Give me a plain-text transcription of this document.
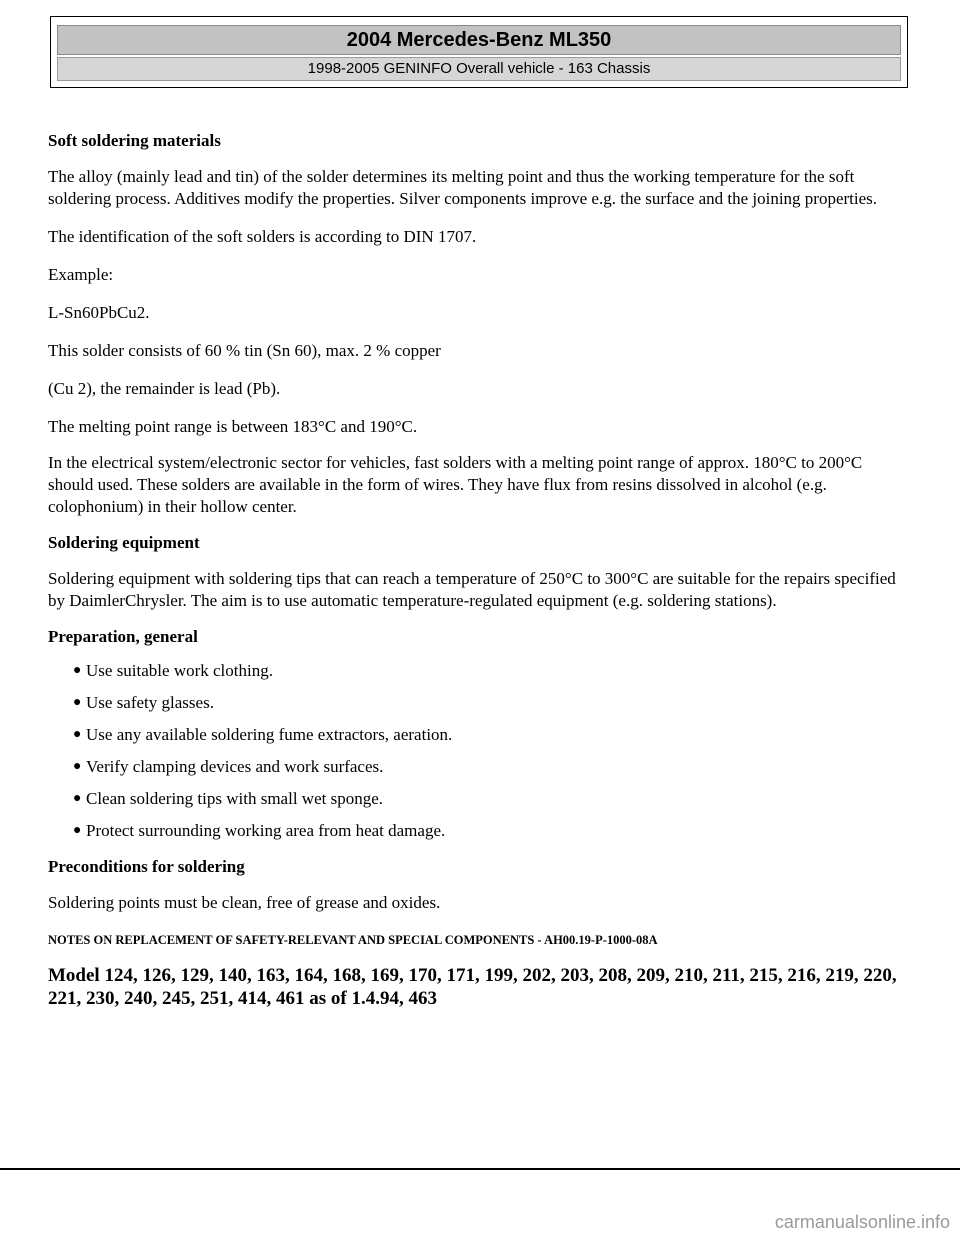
2004 Mercedes-Benz ML350
1998-2005 GENINFO Overall vehicle - 163 Chassis

Soft soldering materials

The alloy (mainly lead and tin) of the solder determines its melting point and thus the working temperature for the soft soldering process. Additives modify the properties. Silver components improve e.g. the surface and the joining properties.

The identification of the soft solders is according to DIN 1707.

Example:

L-Sn60PbCu2.

This solder consists of 60 % tin (Sn 60), max. 2 % copper

(Cu 2), the remainder is lead (Pb).

The melting point range is between 183°C and 190°C.

In the electrical system/electronic sector for vehicles, fast solders with a melting point range of approx. 180°C to 200°C should used. These solders are available in the form of wires. They have flux from resins dissolved in alcohol (e.g. colophonium) in their hollow center.

Soldering equipment

Soldering equipment with soldering tips that can reach a temperature of 250°C to 300°C are suitable for the repairs specified by DaimlerChrysler. The aim is to use automatic temperature-regulated equipment (e.g. soldering stations).

Preparation, general

● Use suitable work clothing.
● Use safety glasses.
● Use any available soldering fume extractors, aeration.
● Verify clamping devices and work surfaces.
● Clean soldering tips with small wet sponge.
● Protect surrounding working area from heat damage.

Preconditions for soldering

Soldering points must be clean, free of grease and oxides.

NOTES ON REPLACEMENT OF SAFETY-RELEVANT AND SPECIAL COMPONENTS - AH00.19-P-1000-08A

Model 124, 126, 129, 140, 163, 164, 168, 169, 170, 171, 199, 202, 203, 208, 209, 210, 211, 215, 216, 219, 220, 221, 230, 240, 245, 251, 414, 461 as of 1.4.94, 463

carmanualsonline.info
